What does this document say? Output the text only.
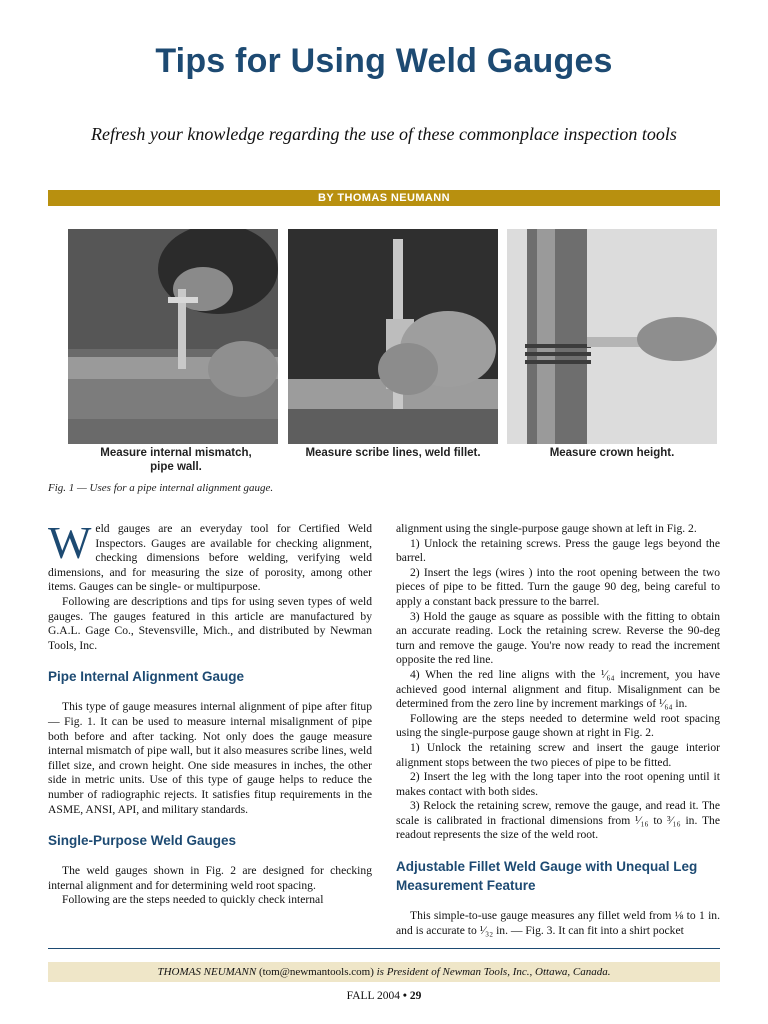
Tips for Using Weld Gauges
Refresh your knowledge regarding the use of these commonplace inspection tools
BY THOMAS NEUMANN
Measure internal mismatch,
pipe wall.
Measure scribe lines, weld fillet.	Measure crown height.
Fig. 1 — Uses for a pipe internal alignment gauge.

Weld gauges are an everyday tool for Certified Weld Inspectors. Gauges are available for checking alignment, checking dimensions before welding, verifying weld dimensions, and for measuring the size of porosity, among other items. Gauges can be single- or multipurpose.

Following are descriptions and tips for using seven types of weld gauges. The gauges featured in this article are manufactured by G.A.L. Gage Co., Stevensville, Mich., and distributed by Newman Tools, Inc.

Pipe Internal Alignment Gauge

This type of gauge measures internal alignment of pipe after fitup — Fig. 1. It can be used to measure internal misalignment of pipe both before and after tacking. Not only does the gauge measure internal mismatch of pipe wall, but it also measures scribe lines, weld fillet size, and crown height. One side measures in inches, the other side in metric units. Use of this type of gauge helps to reduce the number of radiographic rejects. It satisfies fitup requirements in the ASME, ANSI, API, and military standards.

Single-Purpose Weld Gauges

The weld gauges shown in Fig. 2 are designed for checking internal alignment and for determining weld root spacing.

Following are the steps needed to quickly check internal

alignment using the single-purpose gauge shown at left in Fig. 2.

1) Unlock the retaining screws. Press the gauge legs beyond the barrel.

2) Insert the legs (wires ) into the root opening between the two pieces of pipe to be fitted. Turn the gauge 90 deg, being careful to apply a constant back pressure to the barrel.

3) Hold the gauge as square as possible with the fitting to obtain an accurate reading. Lock the retaining screw. Reverse the 90-deg turn and remove the gauge. You're now ready to read the increment opposite the red line.

4) When the red line aligns with the ¹⁄₆₄ increment, you have achieved good internal alignment and fitup. Misalignment can be determined from the zero line by increment markings of ¹⁄₆₄ in.

Following are the steps needed to determine weld root spacing using the single-purpose gauge shown at right in Fig. 2.

1) Unlock the retaining screw and insert the gauge interior alignment stops between the two pieces of pipe to be fitted.

2) Insert the leg with the long taper into the root opening until it makes contact with both sides.

3) Relock the retaining screw, remove the gauge, and read it. The scale is calibrated in fractional dimensions from ¹⁄₁₆ to ³⁄₁₆ in. The readout represents the size of the weld root.

Adjustable Fillet Weld Gauge with Unequal Leg Measurement Feature

This simple-to-use gauge measures any fillet weld from ⅛ to 1 in. and is accurate to ¹⁄₃₂ in. — Fig. 3. It can fit into a shirt pocket

THOMAS NEUMANN (tom@newmantools.com) is President of Newman Tools, Inc., Ottawa, Canada.
FALL 2004 • 29
